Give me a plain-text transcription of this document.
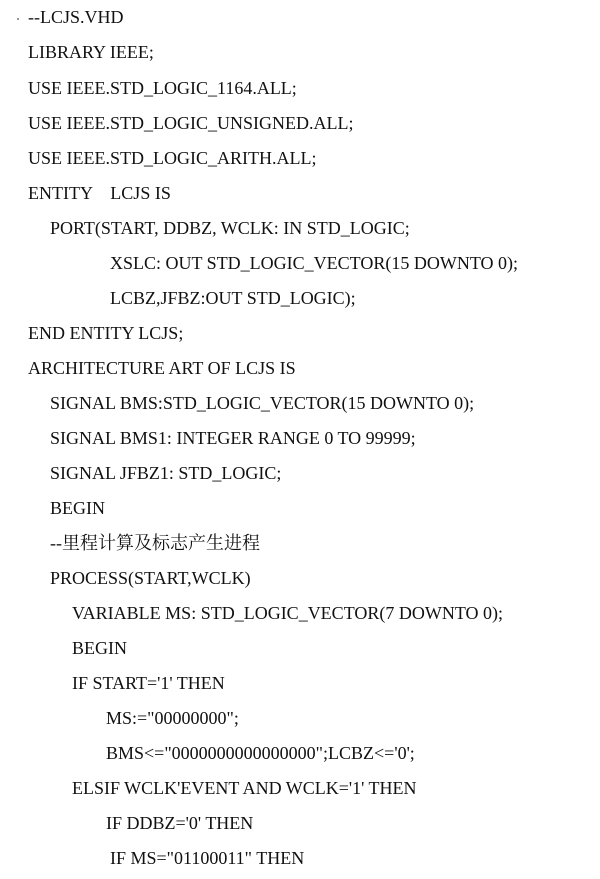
--LCJS.VHD
LIBRARY IEEE;
USE IEEE.STD_LOGIC_1164.ALL;
USE IEEE.STD_LOGIC_UNSIGNED.ALL;
USE IEEE.STD_LOGIC_ARITH.ALL;
ENTITY    LCJS IS
PORT(START, DDBZ, WCLK: IN STD_LOGIC;
XSLC: OUT STD_LOGIC_VECTOR(15 DOWNTO 0);
LCBZ,JFBZ:OUT STD_LOGIC);
END ENTITY LCJS;
ARCHITECTURE ART OF LCJS IS
SIGNAL BMS:STD_LOGIC_VECTOR(15 DOWNTO 0);
SIGNAL BMS1: INTEGER RANGE 0 TO 99999;
SIGNAL JFBZ1: STD_LOGIC;
BEGIN
--里程计算及标志产生进程
PROCESS(START,WCLK)
VARIABLE MS: STD_LOGIC_VECTOR(7 DOWNTO 0);
BEGIN
IF START='1' THEN
MS:="00000000";
BMS<="0000000000000000";LCBZ<='0';
ELSIF WCLK'EVENT AND WCLK='1' THEN
IF DDBZ='0' THEN
IF MS="01100011" THEN
